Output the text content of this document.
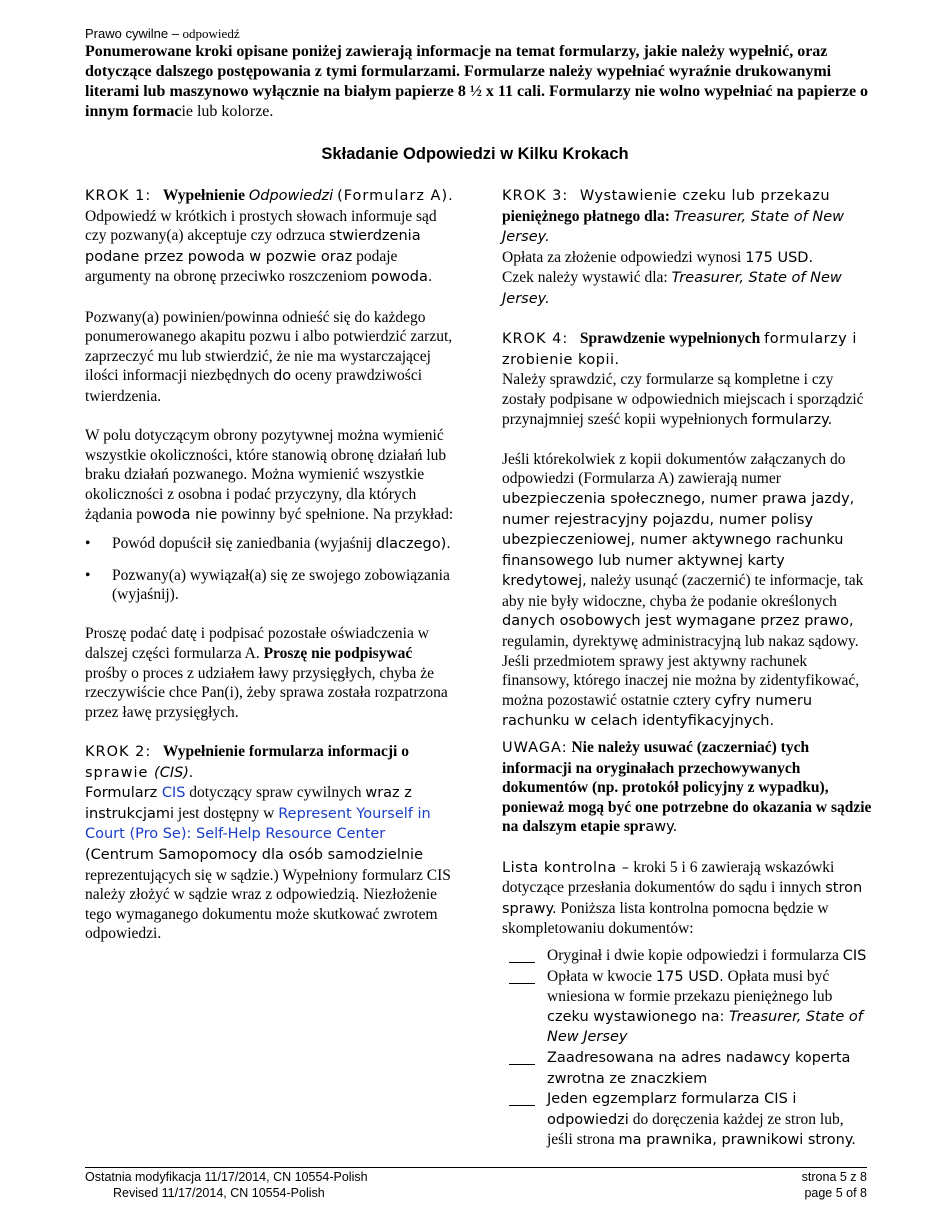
Prawo cywilne – odpowiedź
Ponumerowane kroki opisane poniżej zawierają informacje na temat formularzy, jakie należy wypełnić, oraz dotyczące dalszego postępowania z tymi formularzami. Formularze należy wypełniać wyraźnie drukowanymi literami lub maszynowo wyłącznie na białym papierze 8 ½ x 11 cali. Formularzy nie wolno wypełniać na papierze o innym formacie lub kolorze.
Składanie Odpowiedzi w Kilku Krokach

KROK 1: Wypełnienie Odpowiedzi (Formularz A).

Odpowiedź w krótkich i prostych słowach informuje sąd czy pozwany(a) akceptuje czy odrzuca stwierdzenia podane przez powoda w pozwie oraz podaje argumenty na obronę przeciwko roszczeniom powoda.

Pozwany(a) powinien/powinna odnieść się do każdego ponumerowanego akapitu pozwu i albo potwierdzić zarzut, zaprzeczyć mu lub stwierdzić, że nie ma wystarczającej ilości informacji niezbędnych do oceny prawdziwości twierdzenia.

W polu dotyczącym obrony pozytywnej można wymienić wszystkie okoliczności, które stanowią obronę działań lub braku działań pozwanego. Można wymienić wszystkie okoliczności z osobna i podać przyczyny, dla których żądania powoda nie powinny być spełnione. Na przykład:

• Powód dopuścił się zaniedbania (wyjaśnij dlaczego).
• Pozwany(a) wywiązał(a) się ze swojego zobowiązania (wyjaśnij).

Proszę podać datę i podpisać pozostałe oświadczenia w dalszej części formularza A. Proszę nie podpisywać prośby o proces z udziałem ławy przysięgłych, chyba że rzeczywiście chce Pan(i), żeby sprawa została rozpatrzona przez ławę przysięgłych.

KROK 2: Wypełnienie formularza informacji o sprawie (CIS).

Formularz CIS dotyczący spraw cywilnych wraz z instrukcjami jest dostępny w Represent Yourself in Court (Pro Se): Self-Help Resource Center (Centrum Samopomocy dla osób samodzielnie reprezentujących się w sądzie.) Wypełniony formularz CIS należy złożyć w sądzie wraz z odpowiedzią. Niezłożenie tego wymaganego dokumentu może skutkować zwrotem odpowiedzi.

KROK 3: Wystawienie czeku lub przekazu pieniężnego płatnego dla: Treasurer, State of New Jersey.

Opłata za złożenie odpowiedzi wynosi 175 USD.
Czek należy wystawić dla: Treasurer, State of New Jersey.

KROK 4: Sprawdzenie wypełnionych formularzy i zrobienie kopii.

Należy sprawdzić, czy formularze są kompletne i czy zostały podpisane w odpowiednich miejscach i sporządzić przynajmniej sześć kopii wypełnionych formularzy.

Jeśli którekolwiek z kopii dokumentów załączanych do odpowiedzi (Formularza A) zawierają numer ubezpieczenia społecznego, numer prawa jazdy, numer rejestracyjny pojazdu, numer polisy ubezpieczeniowej, numer aktywnego rachunku finansowego lub numer aktywnej karty kredytowej, należy usunąć (zaczernić) te informacje, tak aby nie były widoczne, chyba że podanie określonych danych osobowych jest wymagane przez prawo, regulamin, dyrektywę administracyjną lub nakaz sądowy. Jeśli przedmiotem sprawy jest aktywny rachunek finansowy, którego inaczej nie można by zidentyfikować, można pozostawić ostatnie cztery cyfry numeru rachunku w celach identyfikacyjnych.

UWAGA: Nie należy usuwać (zaczerniać) tych informacji na oryginałach przechowywanych dokumentów (np. protokół policyjny z wypadku), ponieważ mogą być one potrzebne do okazania w sądzie na dalszym etapie sprawy.

Lista kontrolna – kroki 5 i 6 zawierają wskazówki dotyczące przesłania dokumentów do sądu i innych stron sprawy. Poniższa lista kontrolna pomocna będzie w skompletowaniu dokumentów:

Oryginał i dwie kopie odpowiedzi i formularza CIS
Opłata w kwocie 175 USD. Opłata musi być wniesiona w formie przekazu pieniężnego lub czeku wystawionego na: Treasurer, State of New Jersey
Zaadresowana na adres nadawcy koperta zwrotna ze znaczkiem
Jeden egzemplarz formularza CIS i odpowiedzi do doręczenia każdej ze stron lub, jeśli strona ma prawnika, prawnikowi strony.
Ostatnia modyfikacja 11/17/2014, CN 10554-Polish
Revised 11/17/2014, CN 10554-Polish
strona 5 z 8
page 5 of 8
